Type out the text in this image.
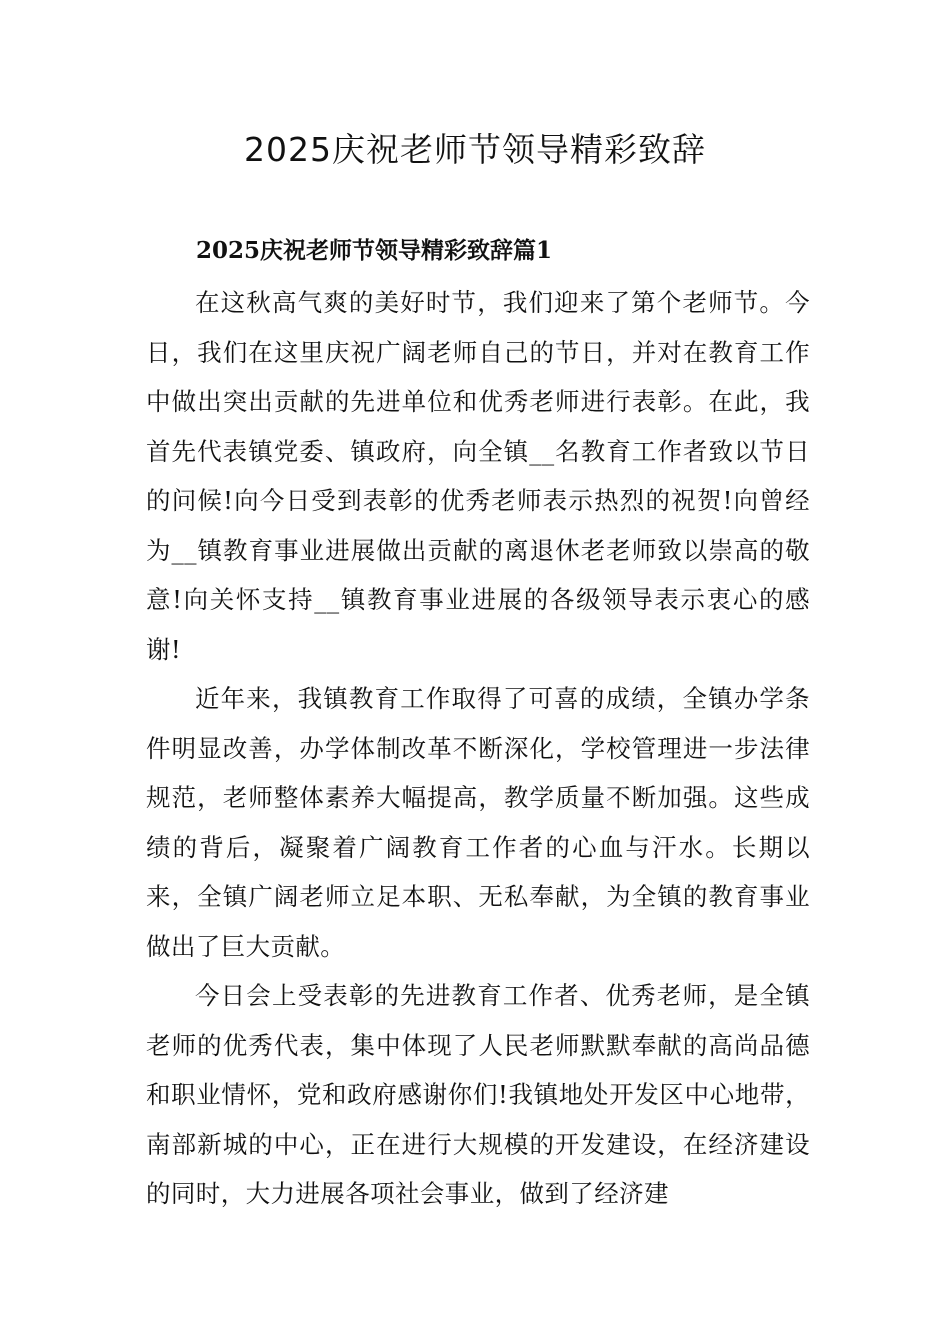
2025庆祝老师节领导精彩致辞
2025庆祝老师节领导精彩致辞篇1

在这秋高气爽的美好时节，我们迎来了第个老师节。今日，我们在这里庆祝广阔老师自己的节日，并对在教育工作中做出突出贡献的先进单位和优秀老师进行表彰。在此，我首先代表镇党委、镇政府，向全镇__名教育工作者致以节日的问候!向今日受到表彰的优秀老师表示热烈的祝贺!向曾经为__镇教育事业进展做出贡献的离退休老老师致以崇高的敬意!向关怀支持__镇教育事业进展的各级领导表示衷心的感谢!

近年来，我镇教育工作取得了可喜的成绩，全镇办学条件明显改善，办学体制改革不断深化，学校管理进一步法律规范，老师整体素养大幅提高，教学质量不断加强。这些成绩的背后，凝聚着广阔教育工作者的心血与汗水。长期以来，全镇广阔老师立足本职、无私奉献，为全镇的教育事业做出了巨大贡献。

今日会上受表彰的先进教育工作者、优秀老师，是全镇老师的优秀代表，集中体现了人民老师默默奉献的高尚品德和职业情怀，党和政府感谢你们!我镇地处开发区中心地带，南部新城的中心，正在进行大规模的开发建设，在经济建设的同时，大力进展各项社会事业，做到了经济建
